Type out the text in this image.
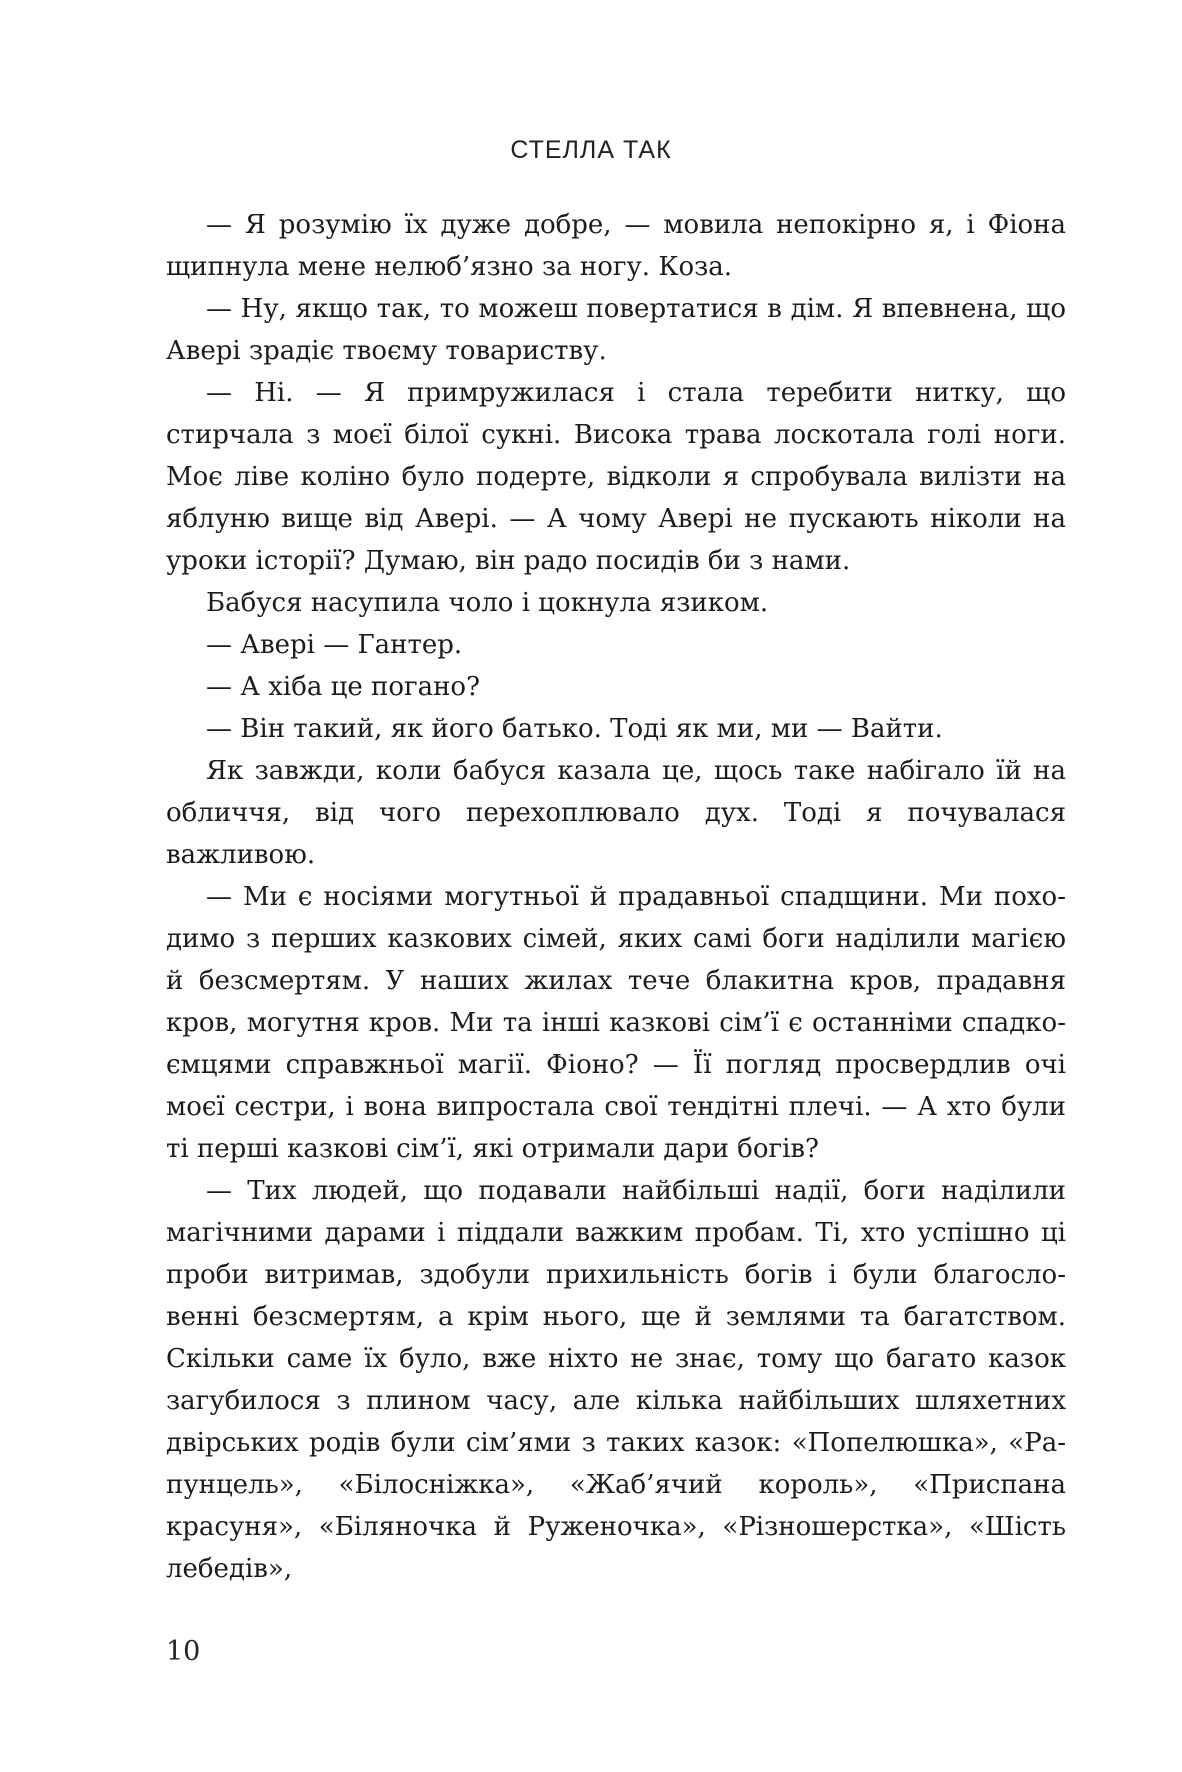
СТЕЛЛА ТАК

— Я розумію їх дуже добре, — мовила непокірно я, і Фіона щипнула мене нелюб’язно за ногу. Коза.

— Ну, якщо так, то можеш повертатися в дім. Я впевнена, що Авері зрадіє твоєму товариству.

— Ні. — Я примружилася і стала теребити нитку, що стирчала з моєї білої сукні. Висока трава лоскотала голі ноги. Моє ліве коліно було подерте, відколи я спробувала вилізти на яблуню вище від Авері. — А чому Авері не пускають ніколи на уроки історії? Думаю, він радо посидів би з нами.

Бабуся насупила чоло і цокнула язиком.

— Авері — Гантер.

— А хіба це погано?

— Він такий, як його батько. Тоді як ми, ми — Вайти.

Як завжди, коли бабуся казала це, щось таке набігало їй на обличчя, від чого перехоплювало дух. Тоді я почувалася важливою.

— Ми є носіями могутньої й прадавньої спадщини. Ми походимо з перших казкових сімей, яких самі боги наділили магією й безсмертям. У наших жилах тече блакитна кров, прадавня кров, могутня кров. Ми та інші казкові сім’ї є останніми спадкоємцями справжньої магії. Фіоно? — Її погляд просвердлив очі моєї сестри, і вона випростала свої тендітні плечі. — А хто були ті перші казкові сім’ї, які отримали дари богів?

— Тих людей, що подавали найбільші надії, боги наділили магічними дарами і піддали важким пробам. Ті, хто успішно ці проби витримав, здобули прихильність богів і були благословенні безсмертям, а крім нього, ще й землями та багатством. Скільки саме їх було, вже ніхто не знає, тому що багато казок загубилося з плином часу, але кілька найбільших шляхетних двірських родів були сім’ями з таких казок: «Попелюшка», «Рапунцель», «Білосніжка», «Жаб’ячий король», «Приспана красуня», «Біляночка й Руженочка», «Різношерстка», «Шість лебедів»,

10
